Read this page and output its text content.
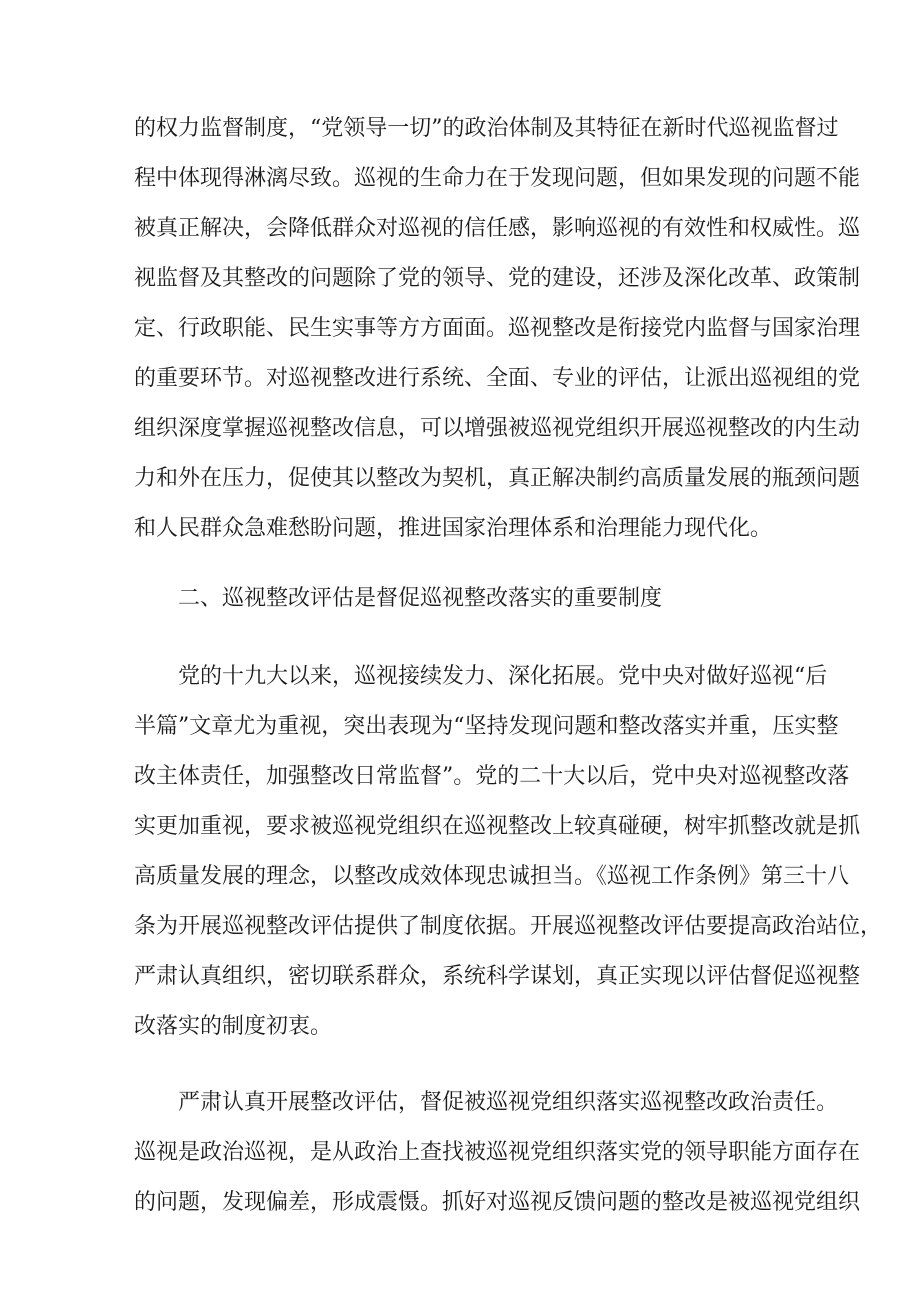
的权力监督制度，“党领导一切”的政治体制及其特征在新时代巡视监督过
程中体现得淋漓尽致。巡视的生命力在于发现问题，但如果发现的问题不能
被真正解决，会降低群众对巡视的信任感，影响巡视的有效性和权威性。巡
视监督及其整改的问题除了党的领导、党的建设，还涉及深化改革、政策制
定、行政职能、民生实事等方方面面。巡视整改是衔接党内监督与国家治理
的重要环节。对巡视整改进行系统、全面、专业的评估，让派出巡视组的党
组织深度掌握巡视整改信息，可以增强被巡视党组织开展巡视整改的内生动
力和外在压力，促使其以整改为契机，真正解决制约高质量发展的瓶颈问题
和人民群众急难愁盼问题，推进国家治理体系和治理能力现代化。
二、巡视整改评估是督促巡视整改落实的重要制度
党的十九大以来，巡视接续发力、深化拓展。党中央对做好巡视“后
半篇”文章尤为重视，突出表现为“坚持发现问题和整改落实并重，压实整
改主体责任，加强整改日常监督”。党的二十大以后，党中央对巡视整改落
实更加重视，要求被巡视党组织在巡视整改上较真碰硬，树牢抓整改就是抓
高质量发展的理念，以整改成效体现忠诚担当。《巡视工作条例》第三十八
条为开展巡视整改评估提供了制度依据。开展巡视整改评估要提高政治站位，
严肃认真组织，密切联系群众，系统科学谋划，真正实现以评估督促巡视整
改落实的制度初衷。
严肃认真开展整改评估，督促被巡视党组织落实巡视整改政治责任。
巡视是政治巡视，是从政治上查找被巡视党组织落实党的领导职能方面存在
的问题，发现偏差，形成震慑。抓好对巡视反馈问题的整改是被巡视党组织
